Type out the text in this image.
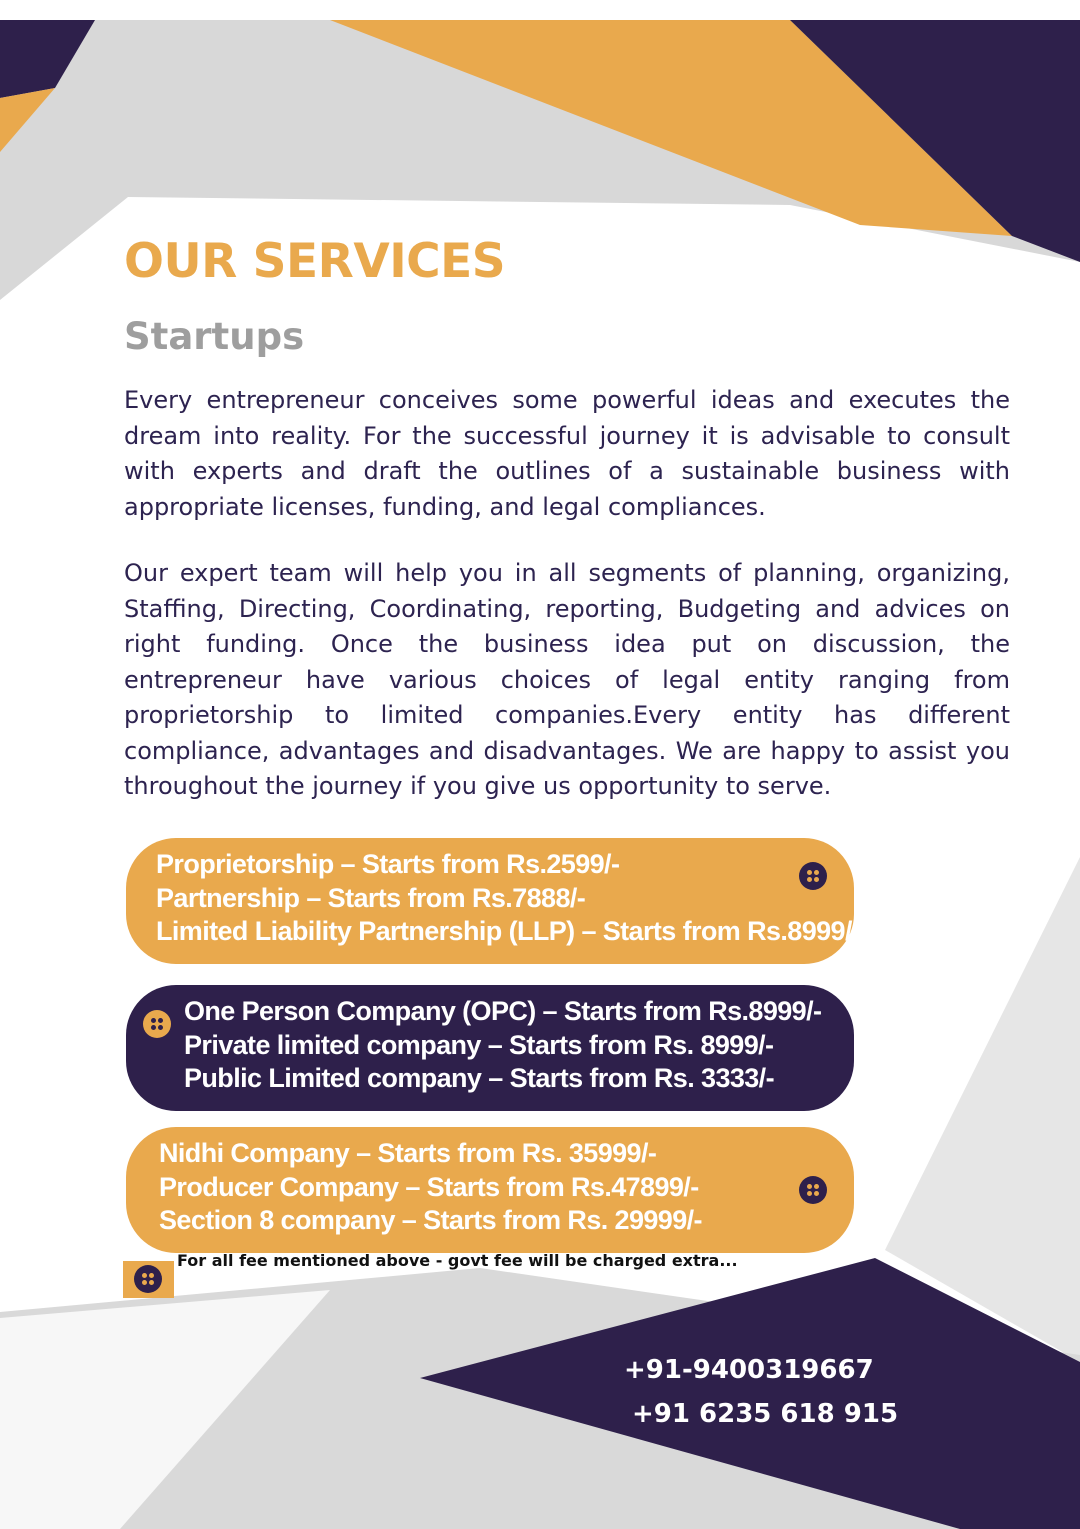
OUR SERVICES
Startups

Every entrepreneur conceives some powerful ideas and executes the dream into reality. For the successful journey it is advisable to consult with experts and draft the outlines of a sustainable business with appropriate licenses, funding, and legal compliances.

Our expert team will help you in all segments of planning, organizing, Staffing, Directing, Coordinating, reporting, Budgeting and advices on right funding. Once the business idea put on discussion, the entrepreneur have various choices of legal entity ranging from proprietorship to limited companies.Every entity has different compliance, advantages and disadvantages. We are happy to assist you throughout the journey if you give us opportunity to serve.

Proprietorship – Starts from Rs.2599/-
Partnership – Starts from Rs.7888/-
Limited Liability Partnership (LLP) – Starts from Rs.8999/-
One Person Company (OPC) – Starts from Rs.8999/-
Private limited company – Starts from Rs. 8999/-
Public Limited company – Starts from Rs. 3333/-
Nidhi Company – Starts from Rs. 35999/-
Producer Company – Starts from Rs.47899/-
Section 8 company – Starts from Rs. 29999/-

For all fee mentioned above - govt fee will be charged extra...

+91-9400319667

+91 6235 618 915
